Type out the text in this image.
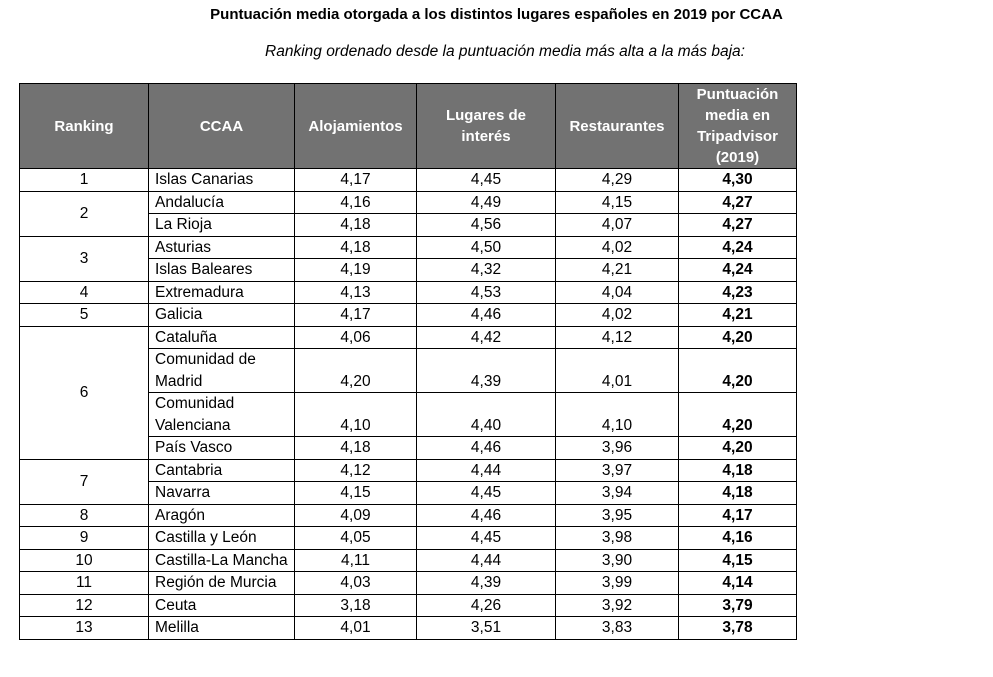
Puntuación media otorgada a los distintos lugares españoles en 2019 por CCAA
Ranking ordenado desde la puntuación media más alta a la más baja:
Ranking	CCAA	Alojamientos	Lugares de interés	Restaurantes	Puntuación media en Tripadvisor (2019)
1	Islas Canarias	4,17	4,45	4,29	4,30
2	Andalucía	4,16	4,49	4,15	4,27
	La Rioja	4,18	4,56	4,07	4,27
3	Asturias	4,18	4,50	4,02	4,24
	Islas Baleares	4,19	4,32	4,21	4,24
4	Extremadura	4,13	4,53	4,04	4,23
5	Galicia	4,17	4,46	4,02	4,21
6	Cataluña	4,06	4,42	4,12	4,20
	Comunidad de Madrid	4,20	4,39	4,01	4,20
	Comunidad Valenciana	4,10	4,40	4,10	4,20
	País Vasco	4,18	4,46	3,96	4,20
7	Cantabria	4,12	4,44	3,97	4,18
	Navarra	4,15	4,45	3,94	4,18
8	Aragón	4,09	4,46	3,95	4,17
9	Castilla y León	4,05	4,45	3,98	4,16
10	Castilla-La Mancha	4,11	4,44	3,90	4,15
11	Región de Murcia	4,03	4,39	3,99	4,14
12	Ceuta	3,18	4,26	3,92	3,79
13	Melilla	4,01	3,51	3,83	3,78
